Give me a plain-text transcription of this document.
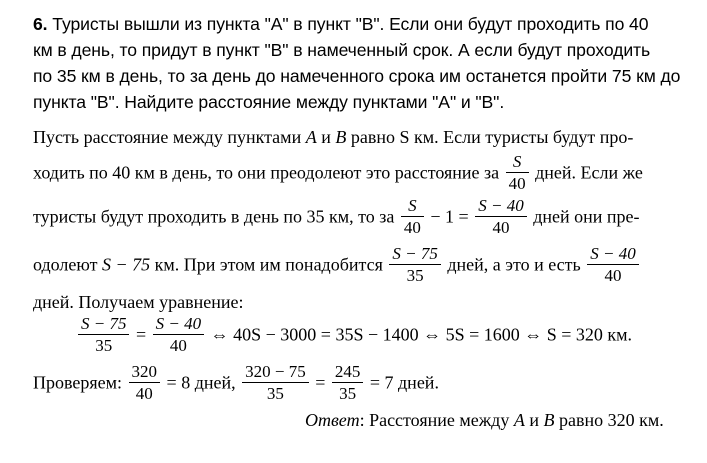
6. Туристы вышли из пункта "А" в пункт "В". Если они будут проходить по 40
км в день, то придут в пункт "В" в намеченный срок. А если будут проходить
по 35 км в день, то за день до намеченного срока им останется пройти 75 км до
пункта "В". Найдите расстояние между пунктами "А" и "В".
Пусть расстояние между пунктами A и B равно S км. Если туристы будут про-
ходить по 40 км в день, то они преодолеют это расстояние за $\frac{S}{40}$ дней. Если же
туристы будут проходить в день по 35 км, то за $\frac{S}{40} - 1 = \frac{S - 40}{40}$ дней они пре-
одолеют S − 75 км. При этом им понадобится $\frac{S - 75}{35}$ дней, а это и есть $\frac{S - 40}{40}$
дней. Получаем уравнение:
$\frac{S - 75}{35} = \frac{S - 40}{40}$ ⇔ 40S − 3000 = 35S − 1400 ⇔ 5S = 1600 ⇔ S = 320 км.
Проверяем: $\frac{320}{40} = 8$ дней, $\frac{320 - 75}{35} = \frac{245}{35} = 7$ дней.
Ответ: Расстояние между A и B равно 320 км.
